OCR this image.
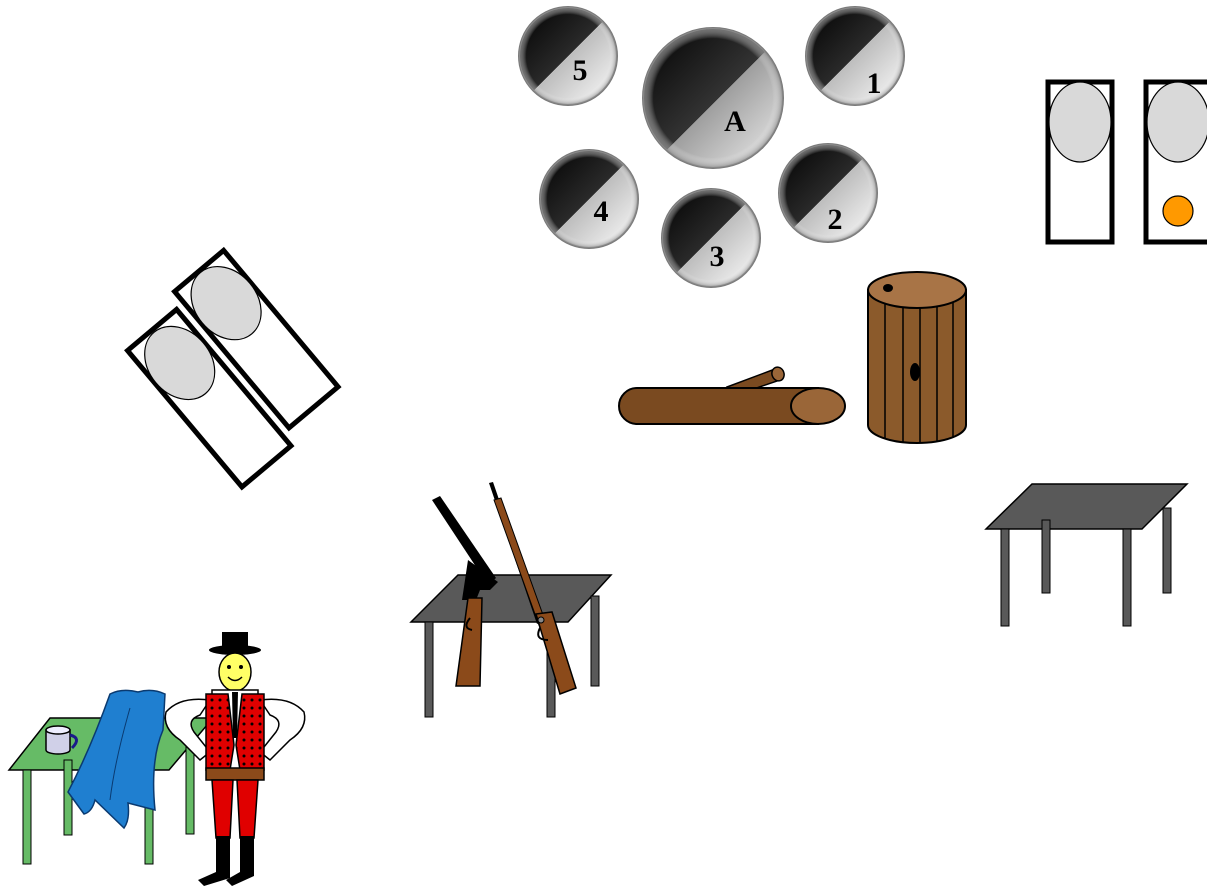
5
A
1
4
3
2
